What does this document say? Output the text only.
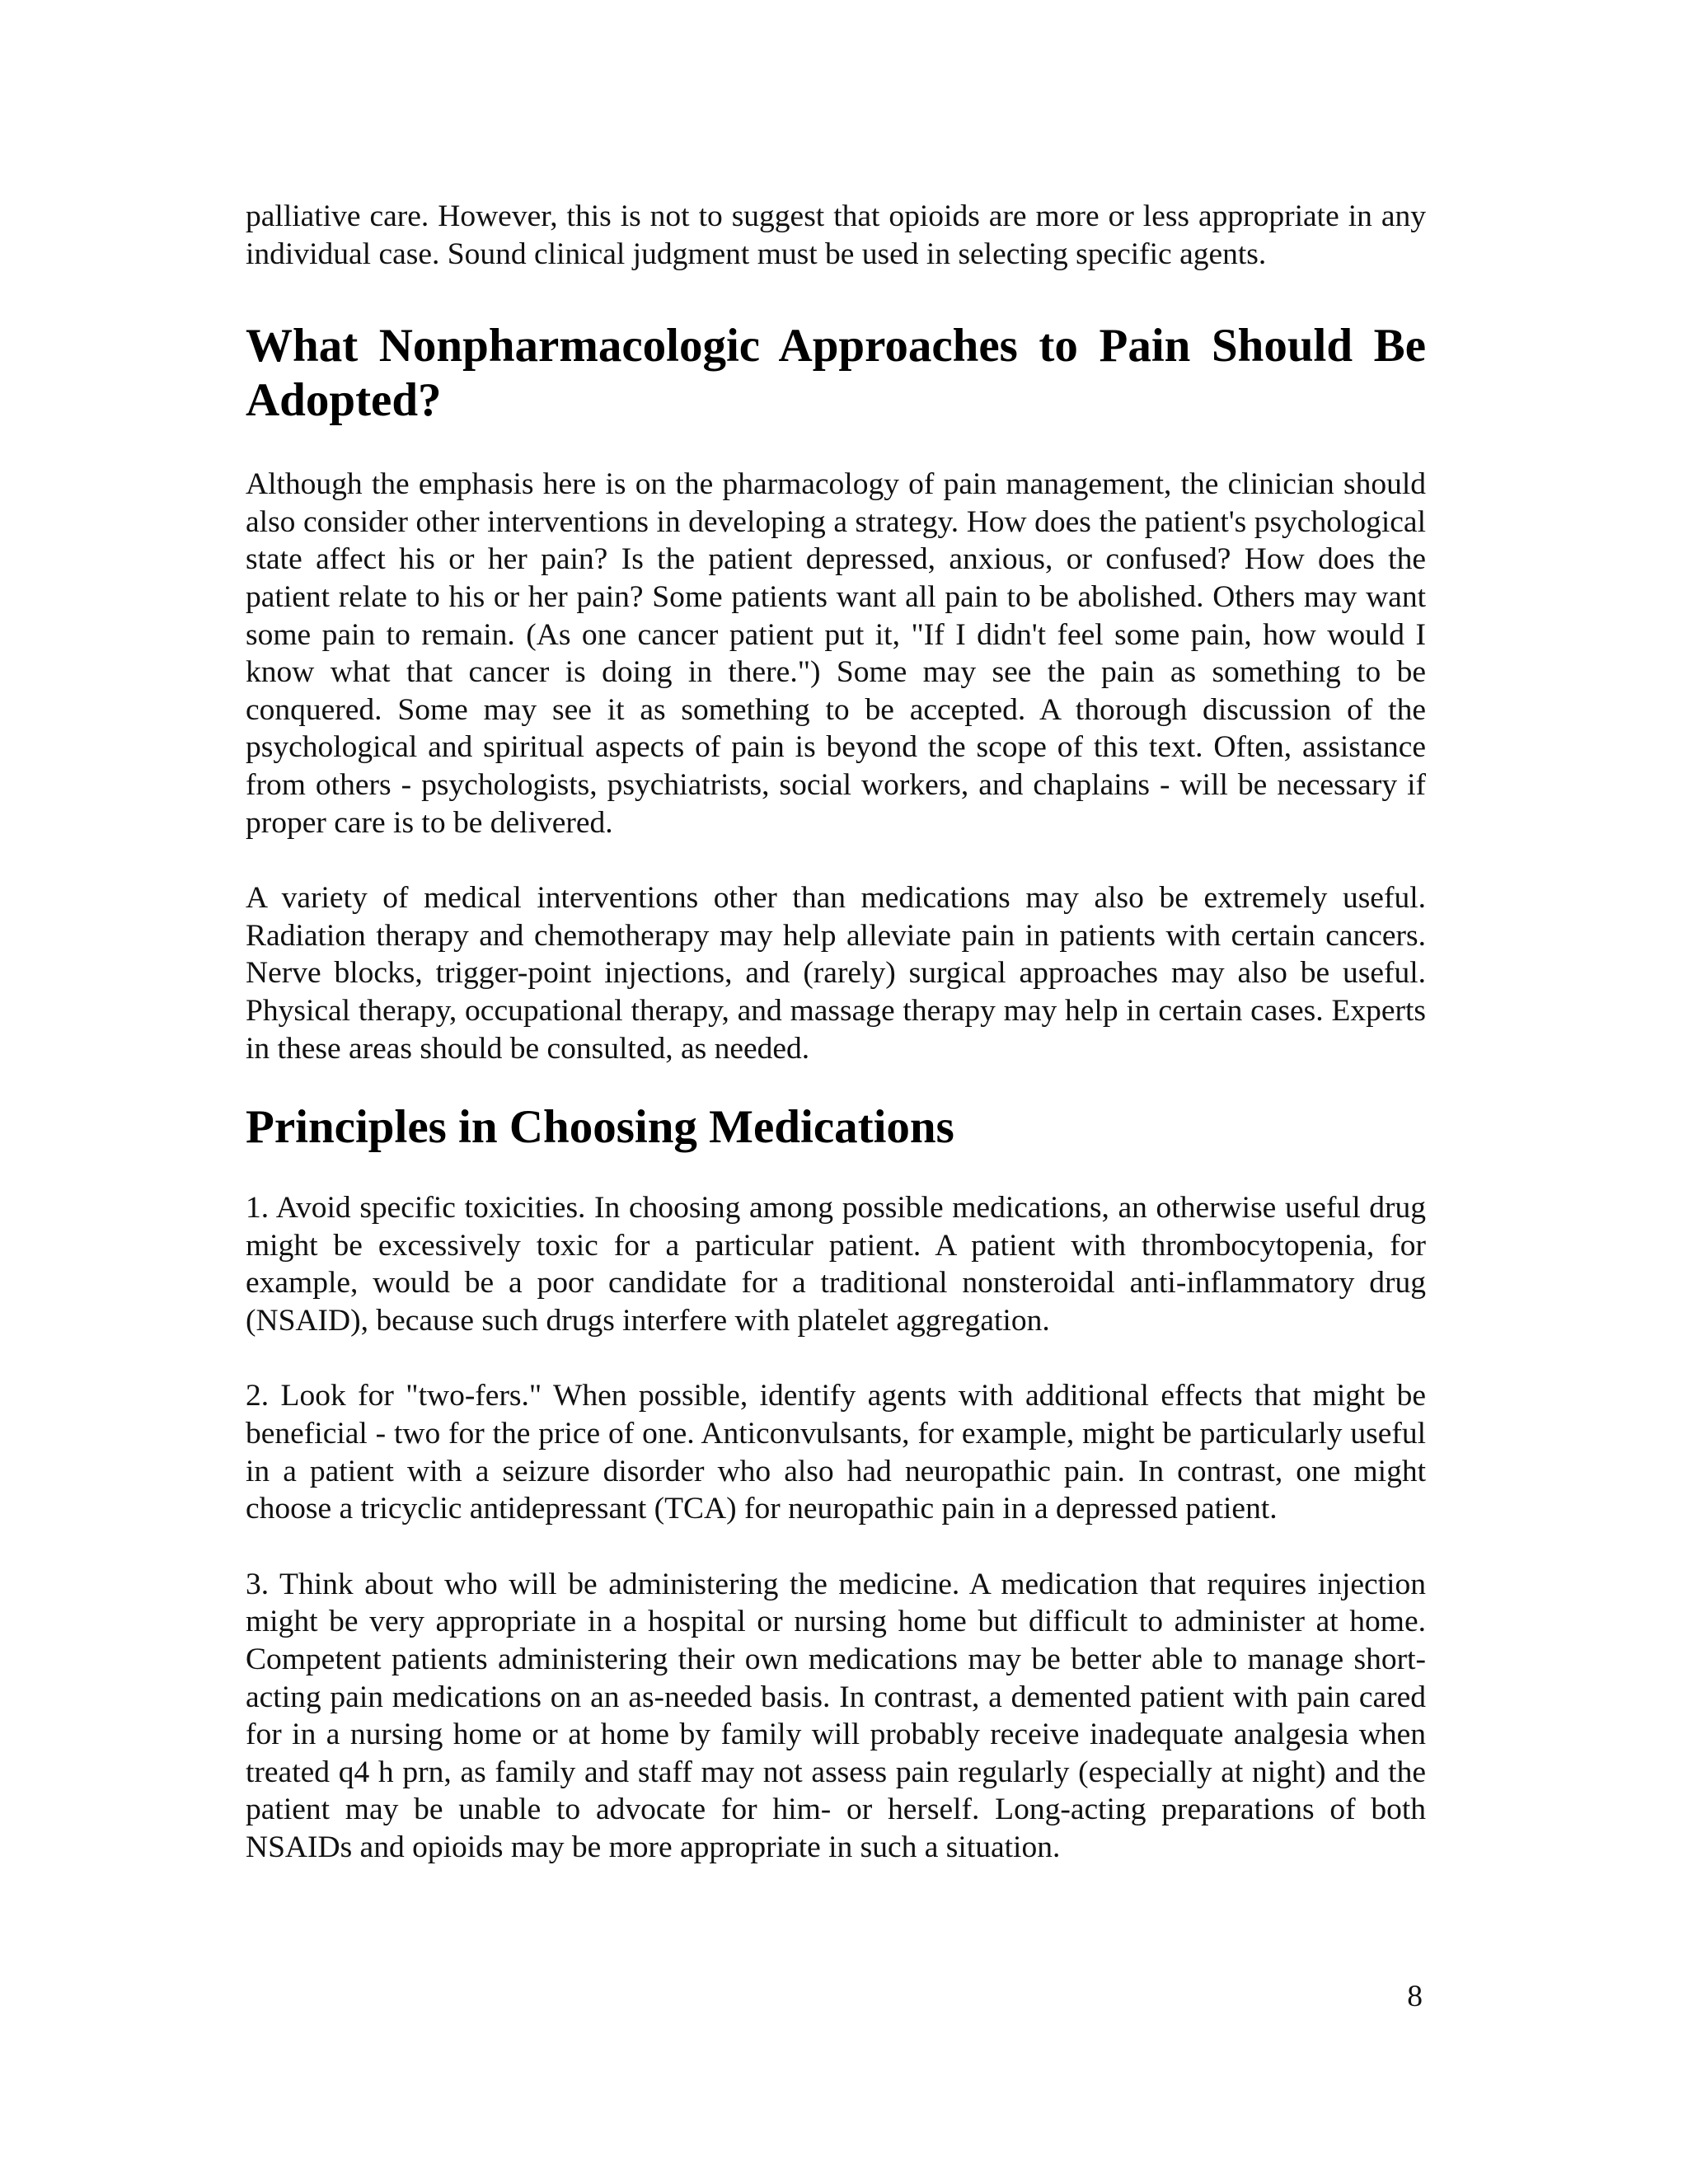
palliative care. However, this is not to suggest that opioids are more or less appropriate in any individual case. Sound clinical judgment must be used in selecting specific agents.

What Nonpharmacologic Approaches to Pain Should Be Adopted?

Although the emphasis here is on the pharmacology of pain management, the clinician should also consider other interventions in developing a strategy. How does the patient's psychological state affect his or her pain? Is the patient depressed, anxious, or confused? How does the patient relate to his or her pain? Some patients want all pain to be abolished. Others may want some pain to remain. (As one cancer patient put it, "If I didn't feel some pain, how would I know what that cancer is doing in there.") Some may see the pain as something to be conquered. Some may see it as something to be accepted. A thorough discussion of the psychological and spiritual aspects of pain is beyond the scope of this text. Often, assistance from others - psychologists, psychiatrists, social workers, and chaplains - will be necessary if proper care is to be delivered.

A variety of medical interventions other than medications may also be extremely useful. Radiation therapy and chemotherapy may help alleviate pain in patients with certain cancers. Nerve blocks, trigger-point injections, and (rarely) surgical approaches may also be useful. Physical therapy, occupational therapy, and massage therapy may help in certain cases. Experts in these areas should be consulted, as needed.

Principles in Choosing Medications

1. Avoid specific toxicities. In choosing among possible medications, an otherwise useful drug might be excessively toxic for a particular patient. A patient with thrombocytopenia, for example, would be a poor candidate for a traditional nonsteroidal anti-inflammatory drug (NSAID), because such drugs interfere with platelet aggregation.

2. Look for "two-fers." When possible, identify agents with additional effects that might be beneficial - two for the price of one. Anticonvulsants, for example, might be particularly useful in a patient with a seizure disorder who also had neuropathic pain. In contrast, one might choose a tricyclic antidepressant (TCA) for neuropathic pain in a depressed patient.

3. Think about who will be administering the medicine. A medication that requires injection might be very appropriate in a hospital or nursing home but difficult to administer at home. Competent patients administering their own medications may be better able to manage short-acting pain medications on an as-needed basis. In contrast, a demented patient with pain cared for in a nursing home or at home by family will probably receive inadequate analgesia when treated q4 h prn, as family and staff may not assess pain regularly (especially at night) and the patient may be unable to advocate for him- or herself. Long-acting preparations of both NSAIDs and opioids may be more appropriate in such a situation.

8
